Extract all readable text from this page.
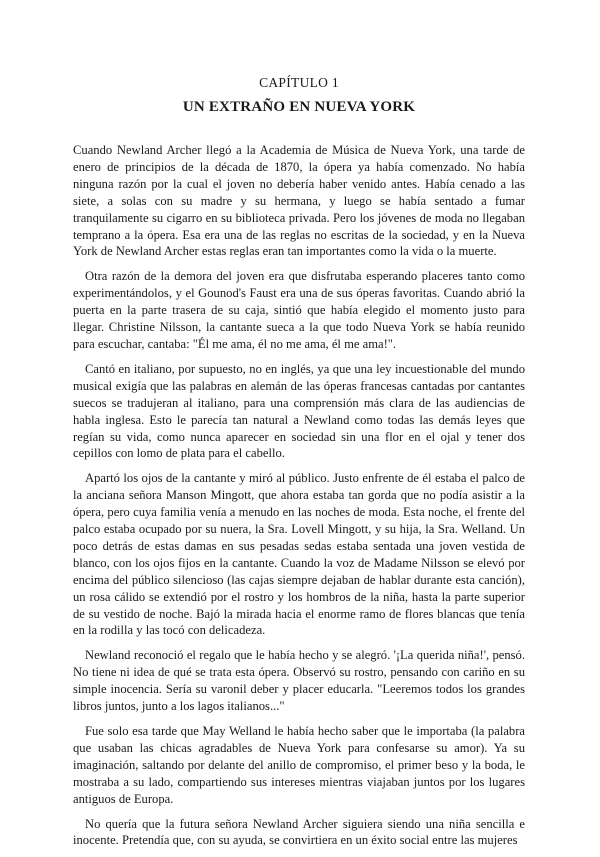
CAPÍTULO 1
UN EXTRAÑO EN NUEVA YORK

Cuando Newland Archer llegó a la Academia de Música de Nueva York, una tarde de enero de principios de la década de 1870, la ópera ya había comenzado. No había ninguna razón por la cual el joven no debería haber venido antes. Había cenado a las siete, a solas con su madre y su hermana, y luego se había sentado a fumar tranquilamente su cigarro en su biblioteca privada. Pero los jóvenes de moda no llegaban temprano a la ópera. Esa era una de las reglas no escritas de la sociedad, y en la Nueva York de Newland Archer estas reglas eran tan importantes como la vida o la muerte.

Otra razón de la demora del joven era que disfrutaba esperando placeres tanto como experimentándolos, y el Gounod's Faust era una de sus óperas favoritas. Cuando abrió la puerta en la parte trasera de su caja, sintió que había elegido el momento justo para llegar. Christine Nilsson, la cantante sueca a la que todo Nueva York se había reunido para escuchar, cantaba: "Él me ama, él no me ama, él me ama!".

Cantó en italiano, por supuesto, no en inglés, ya que una ley incuestionable del mundo musical exigía que las palabras en alemán de las óperas francesas cantadas por cantantes suecos se tradujeran al italiano, para una comprensión más clara de las audiencias de habla inglesa. Esto le parecía tan natural a Newland como todas las demás leyes que regían su vida, como nunca aparecer en sociedad sin una flor en el ojal y tener dos cepillos con lomo de plata para el cabello.

Apartó los ojos de la cantante y miró al público. Justo enfrente de él estaba el palco de la anciana señora Manson Mingott, que ahora estaba tan gorda que no podía asistir a la ópera, pero cuya familia venía a menudo en las noches de moda. Esta noche, el frente del palco estaba ocupado por su nuera, la Sra. Lovell Mingott, y su hija, la Sra. Welland. Un poco detrás de estas damas en sus pesadas sedas estaba sentada una joven vestida de blanco, con los ojos fijos en la cantante. Cuando la voz de Madame Nilsson se elevó por encima del público silencioso (las cajas siempre dejaban de hablar durante esta canción), un rosa cálido se extendió por el rostro y los hombros de la niña, hasta la parte superior de su vestido de noche. Bajó la mirada hacia el enorme ramo de flores blancas que tenía en la rodilla y las tocó con delicadeza.

Newland reconoció el regalo que le había hecho y se alegró. '¡La querida niña!', pensó. No tiene ni idea de qué se trata esta ópera. Observó su rostro, pensando con cariño en su simple inocencia. Sería su varonil deber y placer educarla. "Leeremos todos los grandes libros juntos, junto a los lagos italianos..."

Fue solo esa tarde que May Welland le había hecho saber que le importaba (la palabra que usaban las chicas agradables de Nueva York para confesarse su amor). Ya su imaginación, saltando por delante del anillo de compromiso, el primer beso y la boda, le mostraba a su lado, compartiendo sus intereses mientras viajaban juntos por los lugares antiguos de Europa.

No quería que la futura señora Newland Archer siguiera siendo una niña sencilla e inocente. Pretendía que, con su ayuda, se convirtiera en un éxito social entre las mujeres
